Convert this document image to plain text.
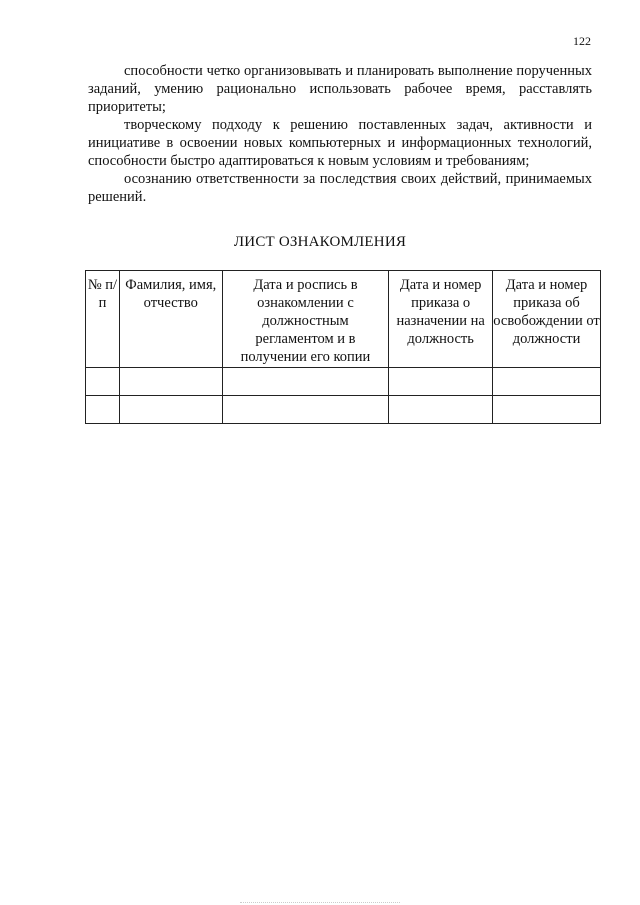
122

способности четко организовывать и планировать выполнение порученных заданий, умению рационально использовать рабочее время, расставлять приоритеты;

творческому подходу к решению поставленных задач, активности и инициативе в освоении новых компьютерных и информационных технологий, способности быстро адаптироваться к новым условиям и требованиям;

осознанию ответственности за последствия своих действий, принимаемых решений.

ЛИСТ ОЗНАКОМЛЕНИЯ
№ п/п	Фамилия, имя, отчество	Дата и роспись в ознакомлении с должностным регламентом и в получении его копии	Дата и номер приказа о назначении на должность	Дата и номер приказа об освобождении от должности
